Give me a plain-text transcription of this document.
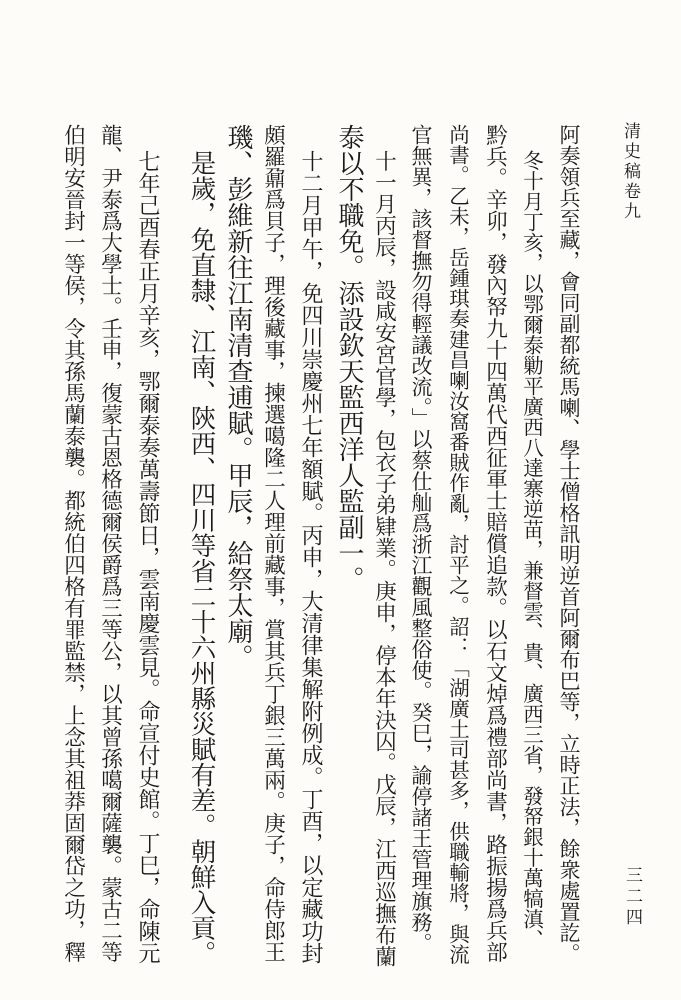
清史稿卷九
三二四
阿奏領兵至藏，會同副都統馬喇、學士僧格訊明逆首阿爾布巴等，立時正法，餘衆處置訖。
冬十月丁亥，以鄂爾泰勦平廣西八達寨逆苗，兼督雲、貴、廣西三省，發帑銀十萬犒滇、
黔兵。辛卯，發內帑九十四萬代西征軍士賠償追款。以石文焯爲禮部尚書，路振揚爲兵部
尚書。乙未，岳鍾琪奏建昌喇汝窩番賊作亂，討平之。詔：「湖廣土司甚多，供職輸將，與流
官無異，該督撫勿得輕議改流。」以蔡仕舢爲浙江觀風整俗使。癸巳，諭停諸王管理旗務。
十一月丙辰，設咸安宮官學，包衣子弟肄業。庚申，停本年決囚。戊辰，江西巡撫布蘭
泰以不職免。添設欽天監西洋人監副一。
十二月甲午，免四川崇慶州七年額賦。丙申，大清律集解附例成。丁酉，以定藏功封
頗羅鼐爲貝子，理後藏事，揀選噶隆二人理前藏事，賞其兵丁銀三萬兩。庚子，命侍郎王
璣、彭維新往江南清查逋賦。甲辰，給祭太廟。
是歲，免直隸、江南、陝西、四川等省二十六州縣災賦有差。朝鮮入貢。
七年己酉春正月辛亥，鄂爾泰奏萬壽節日，雲南慶雲見。命宣付史館。丁巳，命陳元
龍、尹泰爲大學士。壬申，復蒙古恩格德爾侯爵爲三等公，以其曾孫噶爾薩襲。蒙古二等
伯明安晉封一等侯，令其孫馬蘭泰襲。都統伯四格有罪監禁，上念其祖莽固爾岱之功，釋
